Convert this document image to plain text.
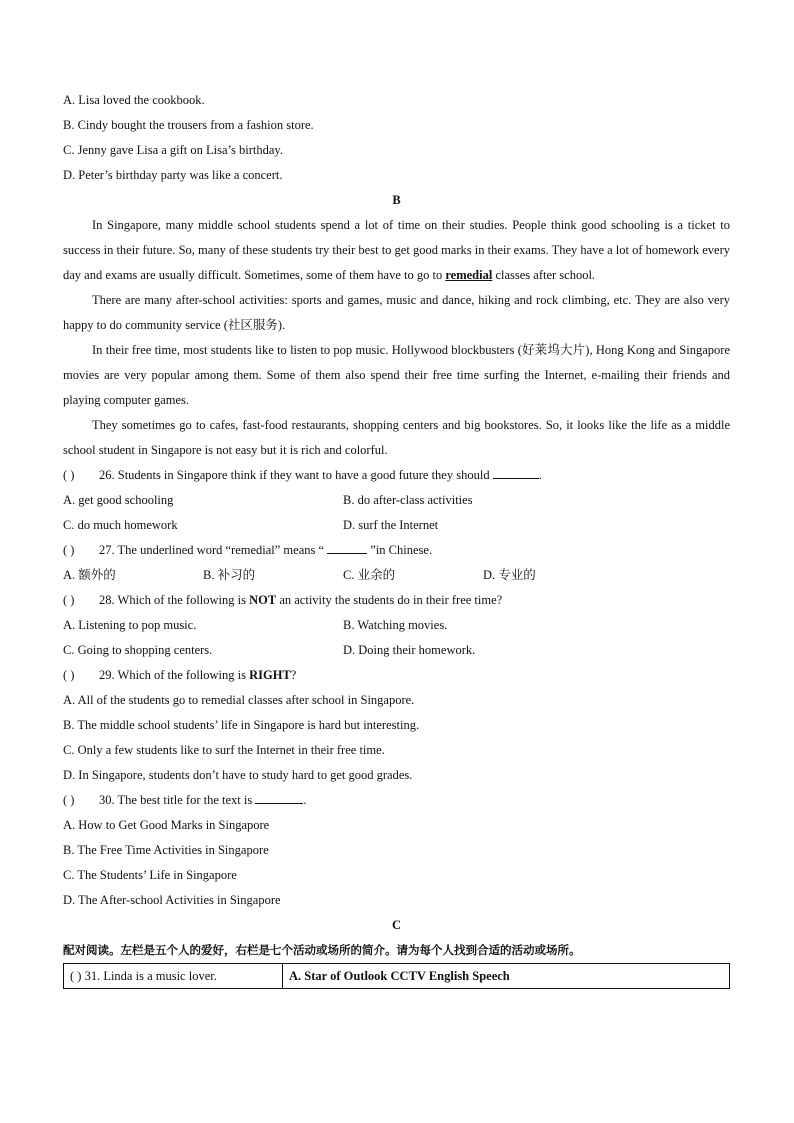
A. Lisa loved the cookbook.
B. Cindy bought the trousers from a fashion store.
C. Jenny gave Lisa a gift on Lisa’s birthday.
D. Peter’s birthday party was like a concert.
B

In Singapore, many middle school students spend a lot of time on their studies. People think good schooling is a ticket to success in their future. So, many of these students try their best to get good marks in their exams. They have a lot of homework every day and exams are usually difficult. Sometimes, some of them have to go to remedial classes after school.

There are many after-school activities: sports and games, music and dance, hiking and rock climbing, etc. They are also very happy to do community service (社区服务).

In their free time, most students like to listen to pop music. Hollywood blockbusters (好莱坞大片), Hong Kong and Singapore movies are very popular among them. Some of them also spend their free time surfing the Internet, e-mailing their friends and playing computer games.

They sometimes go to cafes, fast-food restaurants, shopping centers and big bookstores. So, it looks like the life as a middle school student in Singapore is not easy but it is rich and colorful.

( ) 26. Students in Singapore think if they want to have a good future they should	.
A. get good schooling	B. do after-class activities
C. do much homework	D. surf the Internet
( ) 27. The underlined word “remedial” means “	”in Chinese.
A. 额外的	B. 补习的	C. 业余的	D. 专业的
( ) 28. Which of the following is NOT an activity the students do in their free time?
A. Listening to pop music.	B. Watching movies.
C. Going to shopping centers.	D. Doing their homework.
( ) 29. Which of the following is RIGHT?
A. All of the students go to remedial classes after school in Singapore.
B. The middle school students’ life in Singapore is hard but interesting.
C. Only a few students like to surf the Internet in their free time.
D. In Singapore, students don’t have to study hard to get good grades.
( ) 30. The best title for the text is	.
A. How to Get Good Marks in Singapore
B. The Free Time Activities in Singapore
C. The Students’ Life in Singapore
D. The After-school Activities in Singapore
C
配对阅读。左栏是五个人的爱好，右栏是七个活动或场所的简介。请为每个人找到合适的活动或场所。
( ) 31. Linda is a music lover.	A. Star of Outlook CCTV English Speech
